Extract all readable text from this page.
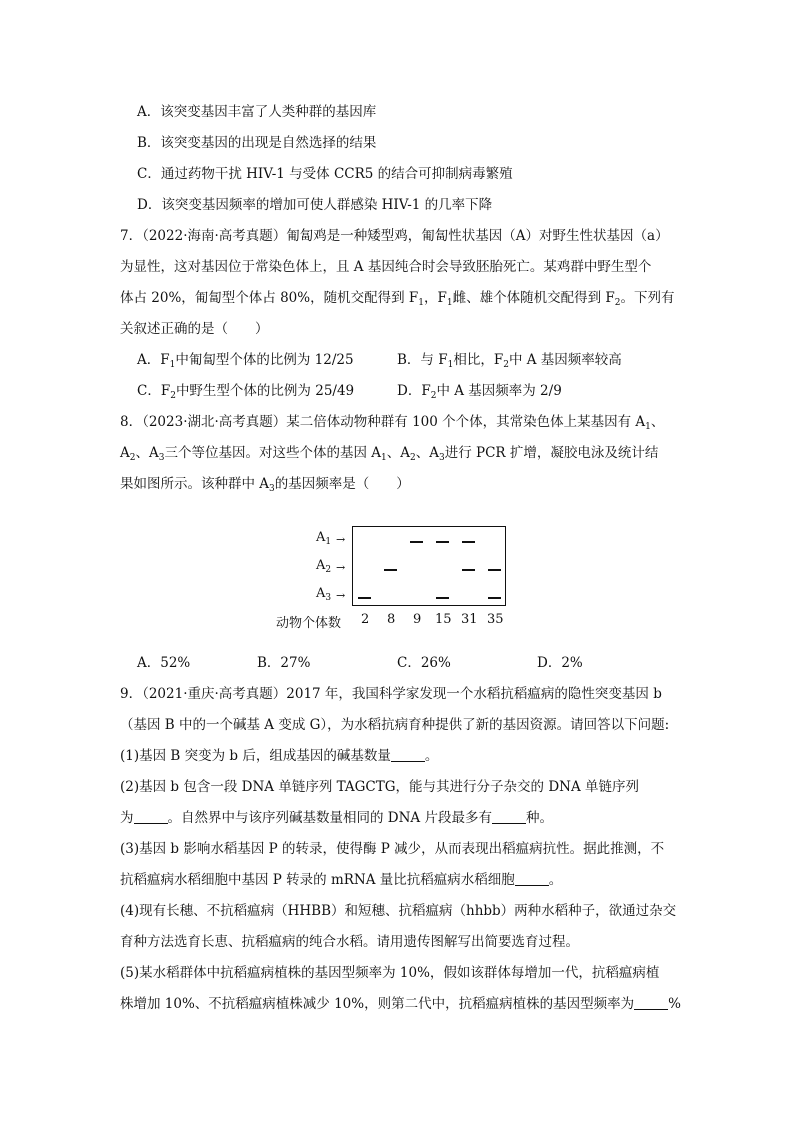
A．该突变基因丰富了人类种群的基因库
B．该突变基因的出现是自然选择的结果
C．通过药物干扰 HIV-1 与受体 CCR5 的结合可抑制病毒繁殖
D．该突变基因频率的增加可使人群感染 HIV-1 的几率下降
7．（2022·海南·高考真题）匍匐鸡是一种矮型鸡，匍匐性状基因（A）对野生性状基因（a）
为显性，这对基因位于常染色体上，且 A 基因纯合时会导致胚胎死亡。某鸡群中野生型个
体占 20%，匍匐型个体占 80%，随机交配得到 $F_1$，$F_1$雌、雄个体随机交配得到 $F_2$。下列有
关叙述正确的是（　　）
A．$F_1$中匍匐型个体的比例为 12/25	B．与 $F_1$相比，$F_2$中 A 基因频率较高
C．$F_2$中野生型个体的比例为 25/49	D．$F_2$中 A 基因频率为 2/9
8．（2023·湖北·高考真题）某二倍体动物种群有 100 个个体，其常染色体上某基因有 $A_1$、
$A_2$、$A_3$三个等位基因。对这些个体的基因 $A_1$、$A_2$、$A_3$进行 PCR 扩增，凝胶电泳及统计结
果如图所示。该种群中 $A_3$的基因频率是（　　）
$A_1$
$A_2$
$A_3$
→
→
→
动物个体数 2 8 9 15 31 35
A．52%	B．27%	C．26%	D．2%
9．（2021·重庆·高考真题）2017 年，我国科学家发现一个水稻抗稻瘟病的隐性突变基因 b
（基因 B 中的一个碱基 A 变成 G），为水稻抗病育种提供了新的基因资源。请回答以下问题:
(1)基因 B 突变为 b 后，组成基因的碱基数量	。
(2)基因 b 包含一段 DNA 单链序列 TAGCTG，能与其进行分子杂交的 DNA 单链序列
为	。自然界中与该序列碱基数量相同的 DNA 片段最多有	种。
(3)基因 b 影响水稻基因 P 的转录，使得酶 P 减少，从而表现出稻瘟病抗性。据此推测，不
抗稻瘟病水稻细胞中基因 P 转录的 mRNA 量比抗稻瘟病水稻细胞	。
(4)现有长穗、不抗稻瘟病（HHBB）和短穗、抗稻瘟病（hhbb）两种水稻种子，欲通过杂交
育种方法选育长恵、抗稻瘟病的纯合水稻。请用遗传图解写出简要选育过程。
(5)某水稻群体中抗稻瘟病植株的基因型频率为 10%，假如该群体每增加一代，抗稻瘟病植
株增加 10%、不抗稻瘟病植株减少 10%，则第二代中，抗稻瘟病植株的基因型频率为	%
